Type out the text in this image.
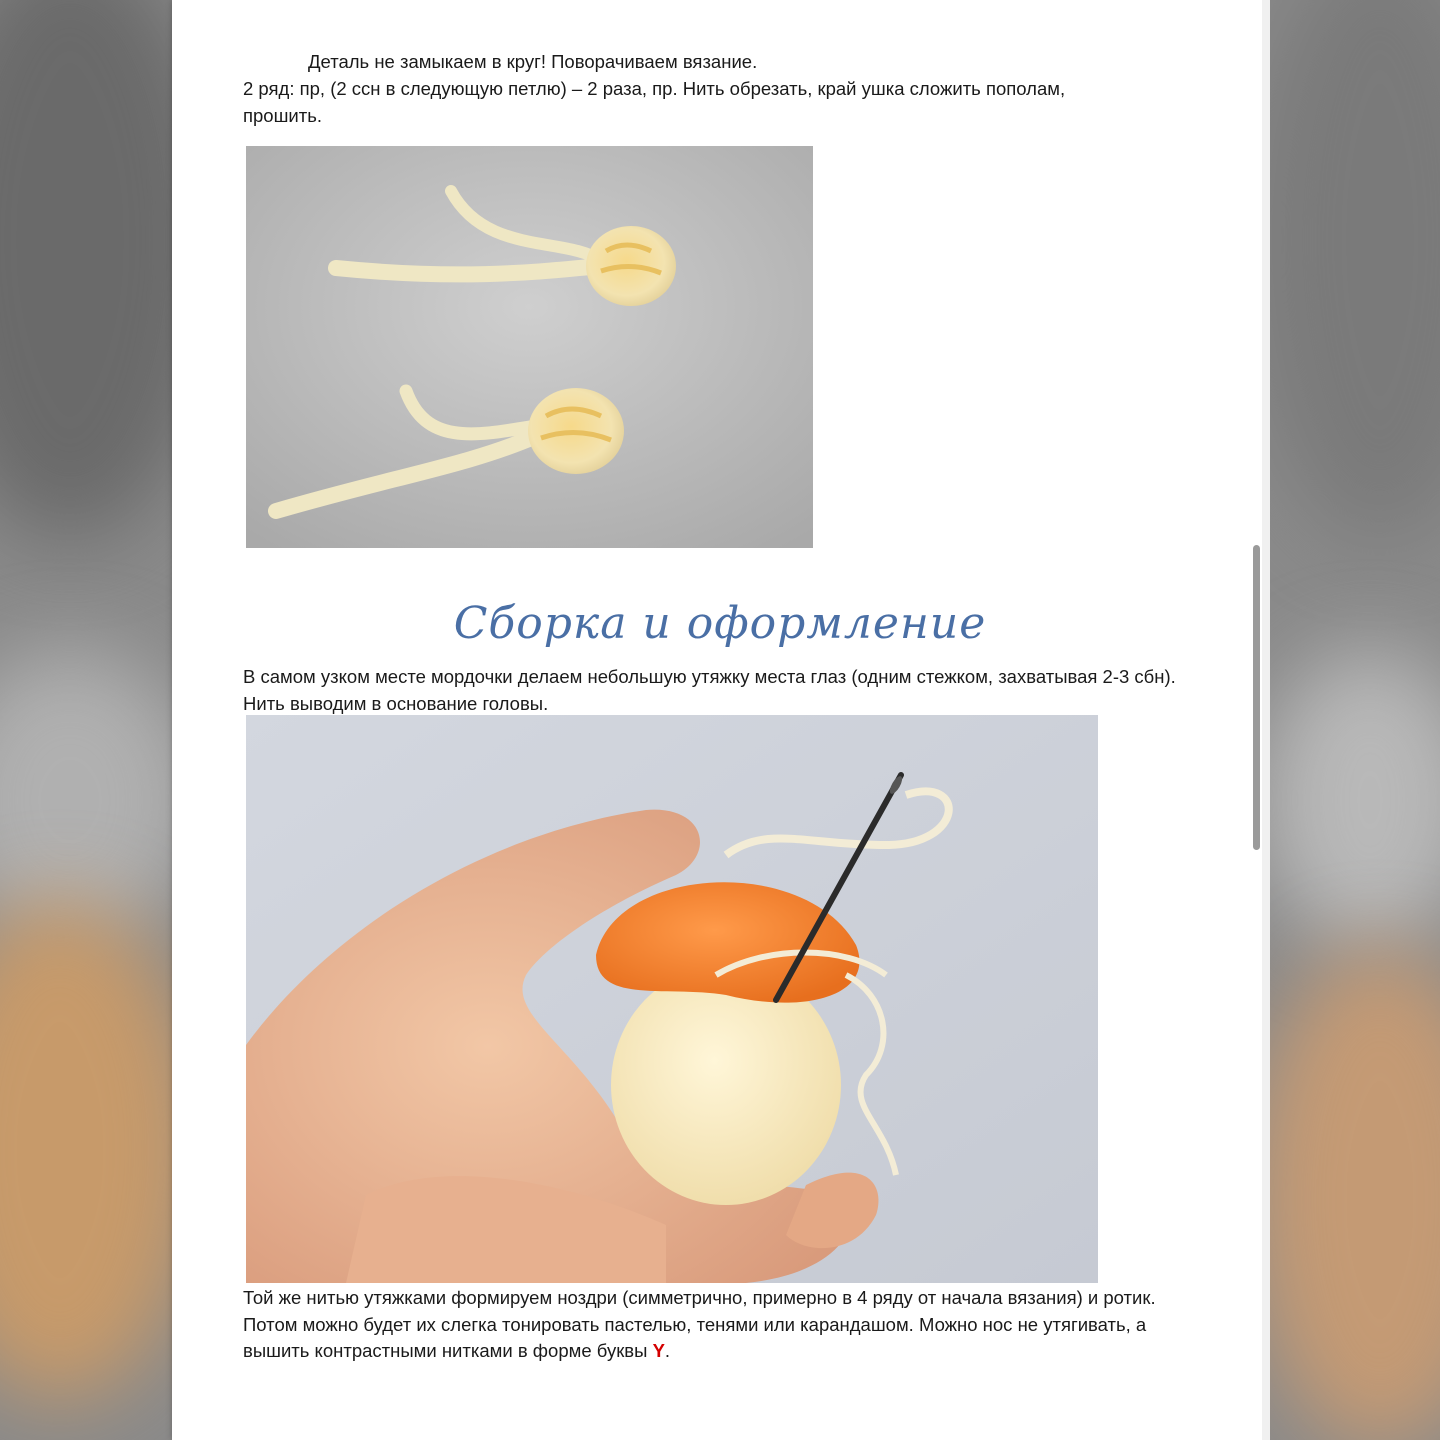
Деталь не замыкаем в круг! Поворачиваем вязание.
2 ряд: пр, (2 ссн в следующую петлю) – 2 раза, пр. Нить обрезать, край ушка сложить пополам, прошить.
Сборка и оформление
В самом узком месте мордочки делаем небольшую утяжку места глаз (одним стежком, захватывая 2-3 сбн). Нить выводим в основание головы.
Той же нитью утяжками формируем ноздри (симметрично, примерно в 4 ряду от начала вязания) и ротик. Потом можно будет их слегка тонировать пастелью, тенями или карандашом. Можно нос не утягивать, а вышить контрастными нитками в форме буквы Y.
